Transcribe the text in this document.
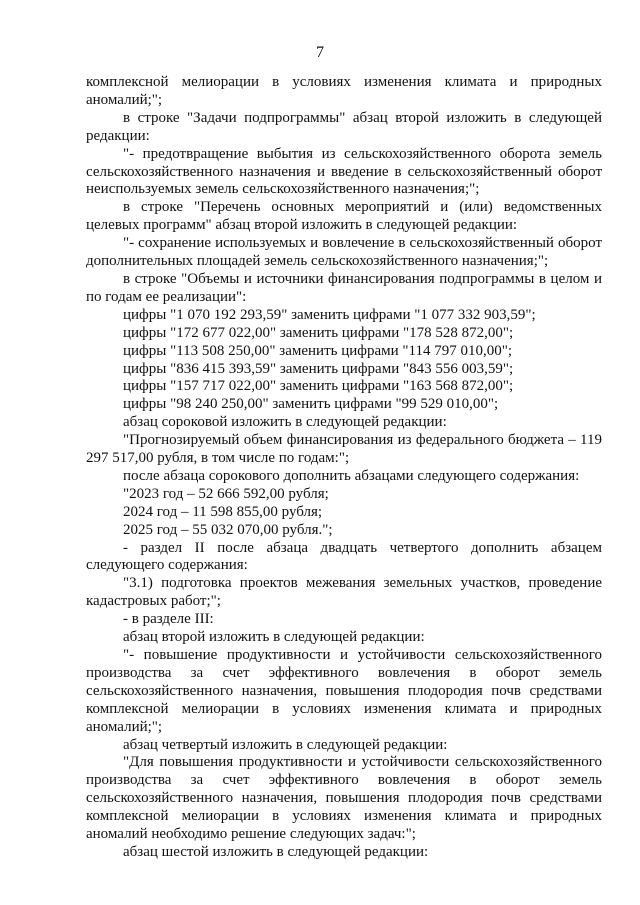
7

комплексной мелиорации в условиях изменения климата и природных аномалий;";

в строке "Задачи подпрограммы" абзац второй изложить в следующей редакции:

"- предотвращение выбытия из сельскохозяйственного оборота земель сельскохозяйственного назначения и введение в сельскохозяйственный оборот неиспользуемых земель сельскохозяйственного назначения;";

в строке "Перечень основных мероприятий и (или) ведомственных целевых программ" абзац второй изложить в следующей редакции:

"- сохранение используемых и вовлечение в сельскохозяйственный оборот дополнительных площадей земель сельскохозяйственного назначения;";

в строке "Объемы и источники финансирования подпрограммы в целом и по годам ее реализации":

цифры "1 070 192 293,59" заменить цифрами "1 077 332 903,59";

цифры "172 677 022,00" заменить цифрами "178 528 872,00";

цифры "113 508 250,00" заменить цифрами "114 797 010,00";

цифры "836 415 393,59" заменить цифрами "843 556 003,59";

цифры "157 717 022,00" заменить цифрами "163 568 872,00";

цифры "98 240 250,00" заменить цифрами "99 529 010,00";

абзац сороковой изложить в следующей редакции:

"Прогнозируемый объем финансирования из федерального бюджета – 119 297 517,00 рубля, в том числе по годам:";

после абзаца сорокового дополнить абзацами следующего содержания:

"2023 год – 52 666 592,00 рубля;

2024 год – 11 598 855,00 рубля;

2025 год – 55 032 070,00 рубля.";

- раздел II после абзаца двадцать четвертого дополнить абзацем следующего содержания:

"3.1) подготовка проектов межевания земельных участков, проведение кадастровых работ;";

- в разделе III:

абзац второй изложить в следующей редакции:

"- повышение продуктивности и устойчивости сельскохозяйственного производства за счет эффективного вовлечения в оборот земель сельскохозяйственного назначения, повышения плодородия почв средствами комплексной мелиорации в условиях изменения климата и природных аномалий;";

абзац четвертый изложить в следующей редакции:

"Для повышения продуктивности и устойчивости сельскохозяйственного производства за счет эффективного вовлечения в оборот земель сельскохозяйственного назначения, повышения плодородия почв средствами комплексной мелиорации в условиях изменения климата и природных аномалий необходимо решение следующих задач:";

абзац шестой изложить в следующей редакции:
